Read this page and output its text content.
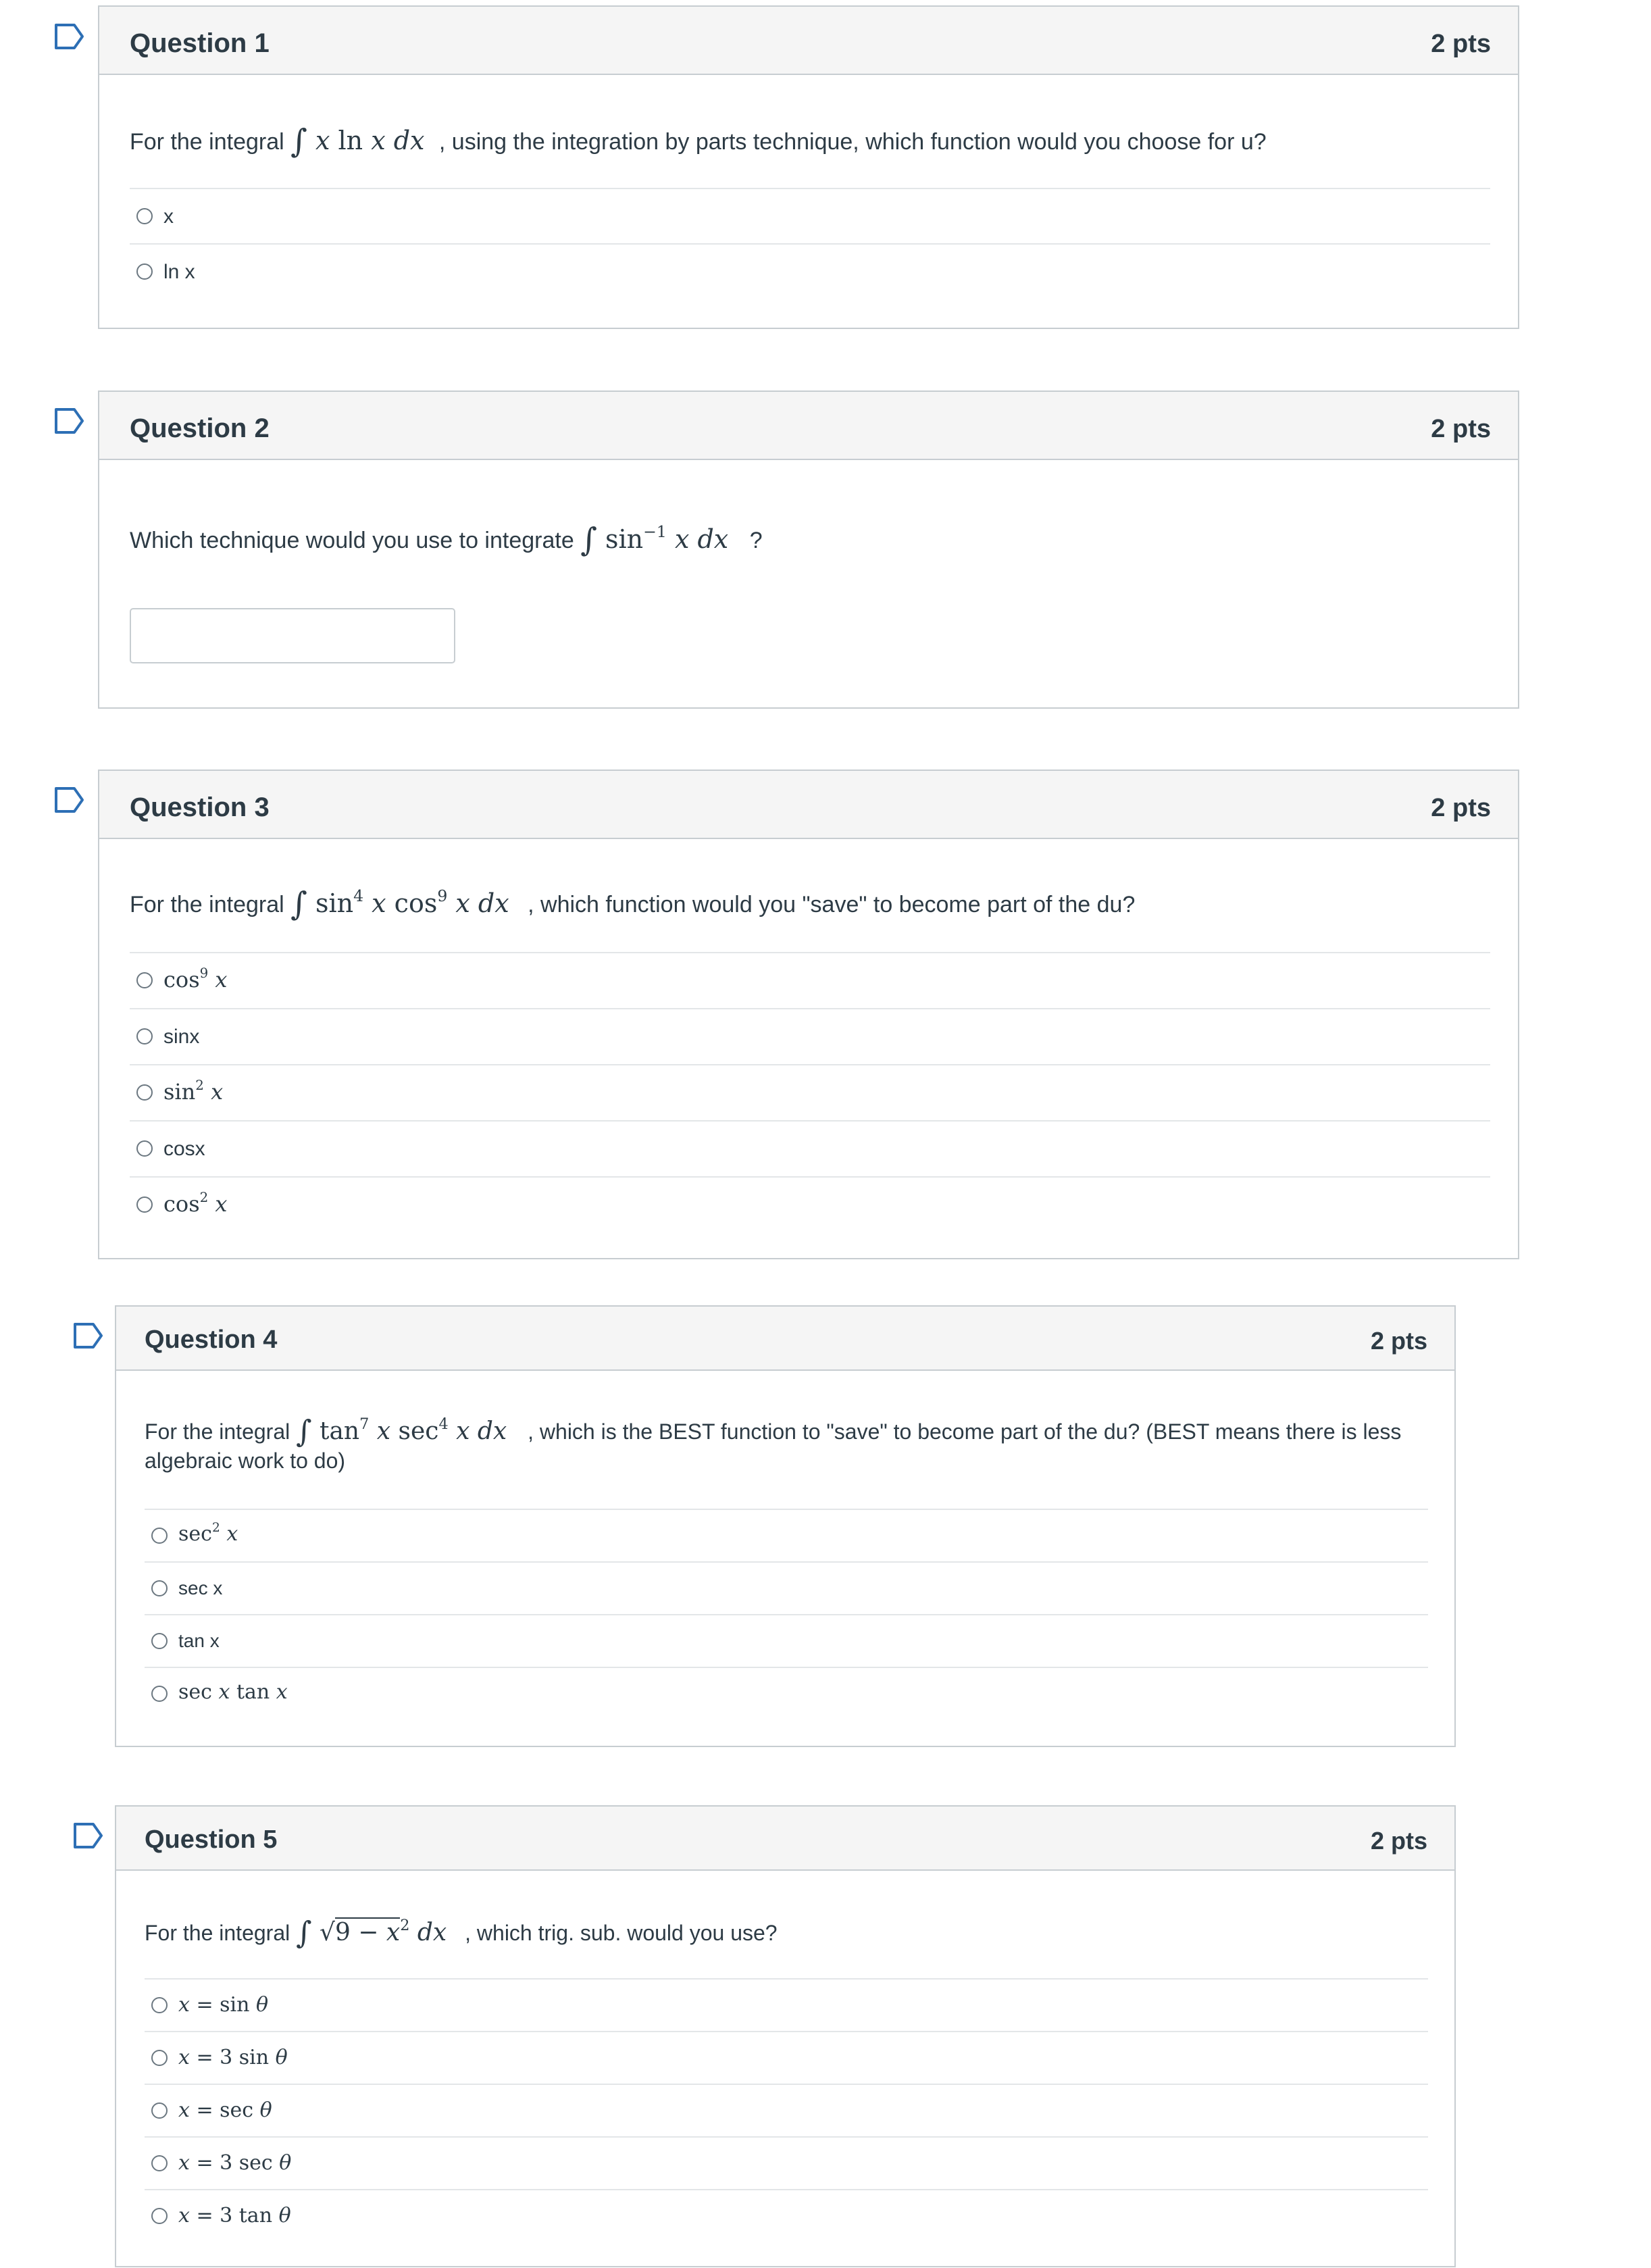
Question 1	2 pts
For the integral ∫ x ln x dx , using the integration by parts technique, which function would you choose for u?
x
ln x
Question 2	2 pts
Which technique would you use to integrate ∫ $\sin^{-1} x$ dx ?
Question 3	2 pts
For the integral ∫ $\sin^4 x$ $\cos^9 x$ dx , which function would you "save" to become part of the du?
$\cos^9 x$
sinx
$\sin^2 x$
cosx
$\cos^2 x$
Question 4	2 pts
For the integral ∫ $\tan^7 x$ $\sec^4 x$ dx , which is the BEST function to "save" to become part of the du? (BEST means there is less
algebraic work to do)
$\sec^2 x$
sec x
tan x
sec x tan x
Question 5	2 pts
For the integral ∫ $√9 - x^2$ dx , which trig. sub. would you use?
x = sin θ
x = 3 sin θ
x = sec θ
x = 3 sec θ
x = 3 tan θ
